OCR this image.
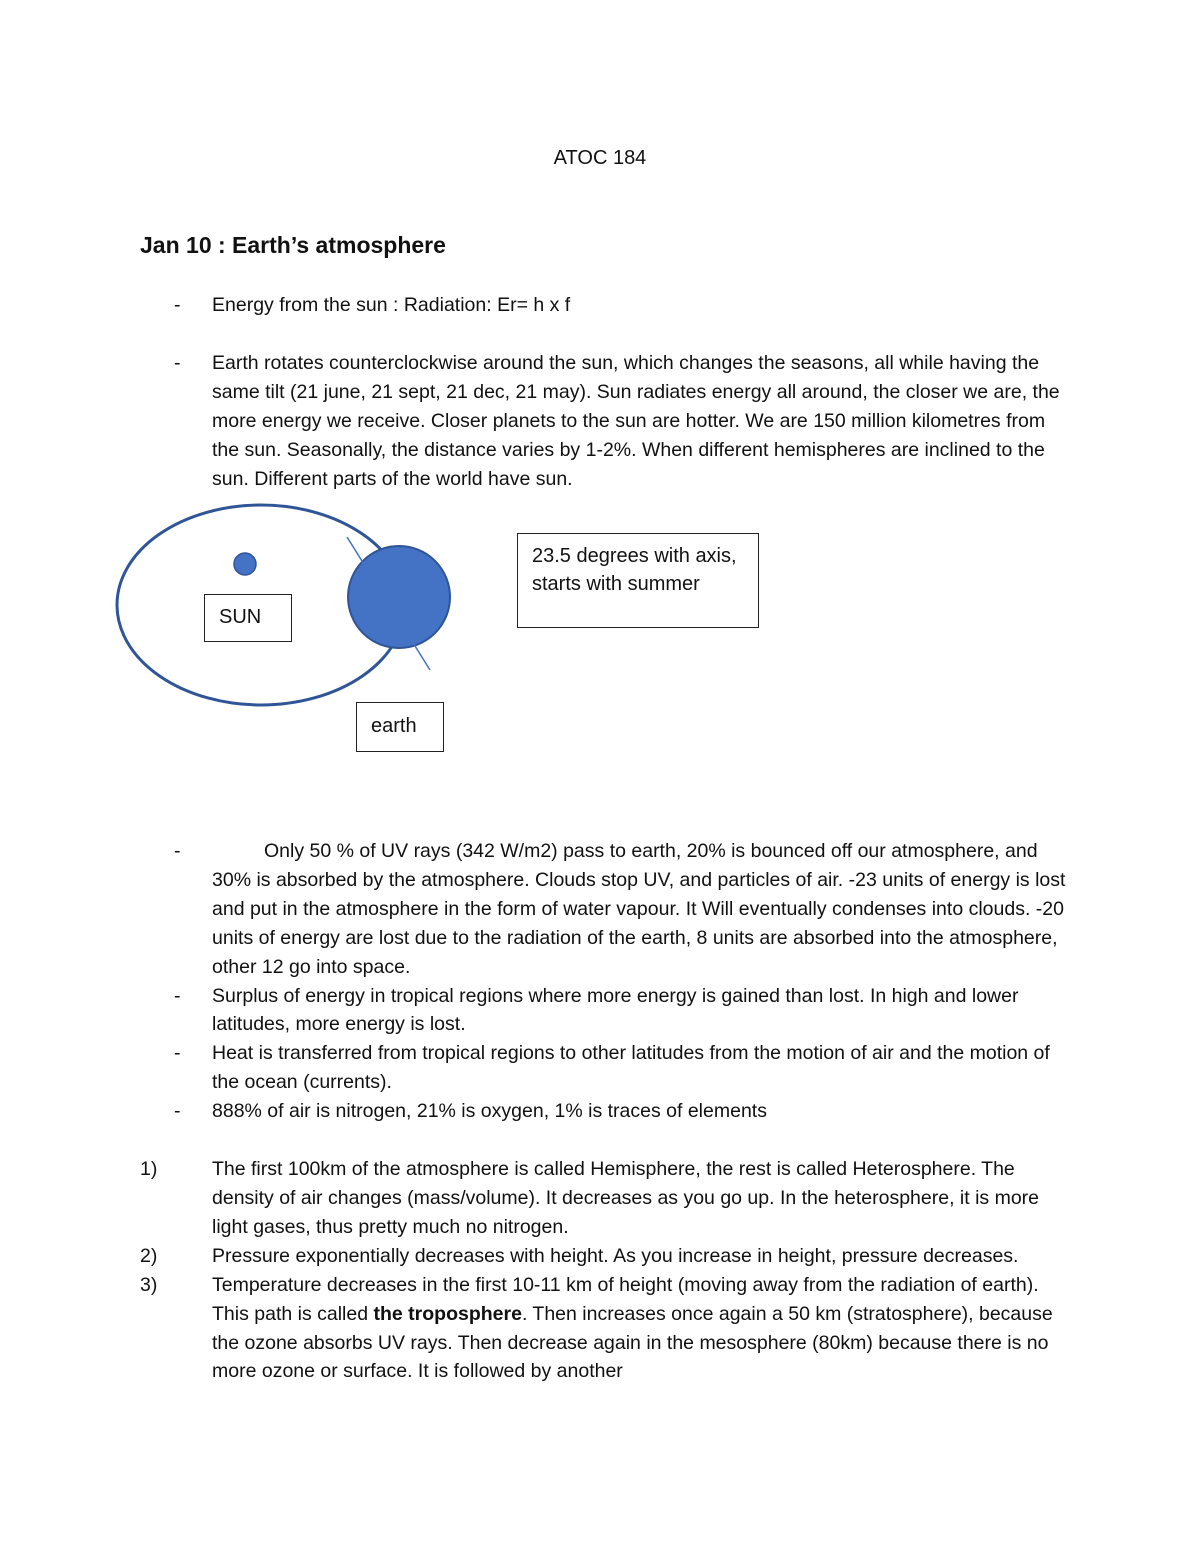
ATOC 184
Jan 10 : Earth’s atmosphere
- Energy from the sun : Radiation: Er= h x f
- Earth rotates counterclockwise around the sun, which changes the seasons, all while having the same tilt (21 june, 21 sept, 21 dec, 21 may). Sun radiates energy all around, the closer we are, the more energy we receive. Closer planets to the sun are hotter. We are 150 million kilometres from the sun. Seasonally, the distance varies by 1-2%. When different hemispheres are inclined to the sun. Different parts of the world have sun.
SUN
earth
23.5 degrees with axis, starts with summer
-	Only 50 % of UV rays (342 W/m2) pass to earth, 20% is bounced off our atmosphere, and 30% is absorbed by the atmosphere. Clouds stop UV, and particles of air. -23 units of energy is lost and put in the atmosphere in the form of water vapour. It Will eventually condenses into clouds. -20 units of energy are lost due to the radiation of the earth, 8 units are absorbed into the atmosphere, other 12 go into space.
- Surplus of energy in tropical regions where more energy is gained than lost. In high and lower latitudes, more energy is lost.
- Heat is transferred from tropical regions to other latitudes from the motion of air and the motion of the ocean (currents).
- 888% of air is nitrogen, 21% is oxygen, 1% is traces of elements
1)	The first 100km of the atmosphere is called Hemisphere, the rest is called Heterosphere. The density of air changes (mass/volume). It decreases as you go up. In the heterosphere, it is more light gases, thus pretty much no nitrogen.
2)	Pressure exponentially decreases with height. As you increase in height, pressure decreases.
3)	Temperature decreases in the first 10-11 km of height (moving away from the radiation of earth). This path is called the troposphere. Then increases once again a 50 km (stratosphere), because the ozone absorbs UV rays. Then decrease again in the mesosphere (80km) because there is no more ozone or surface. It is followed by another
